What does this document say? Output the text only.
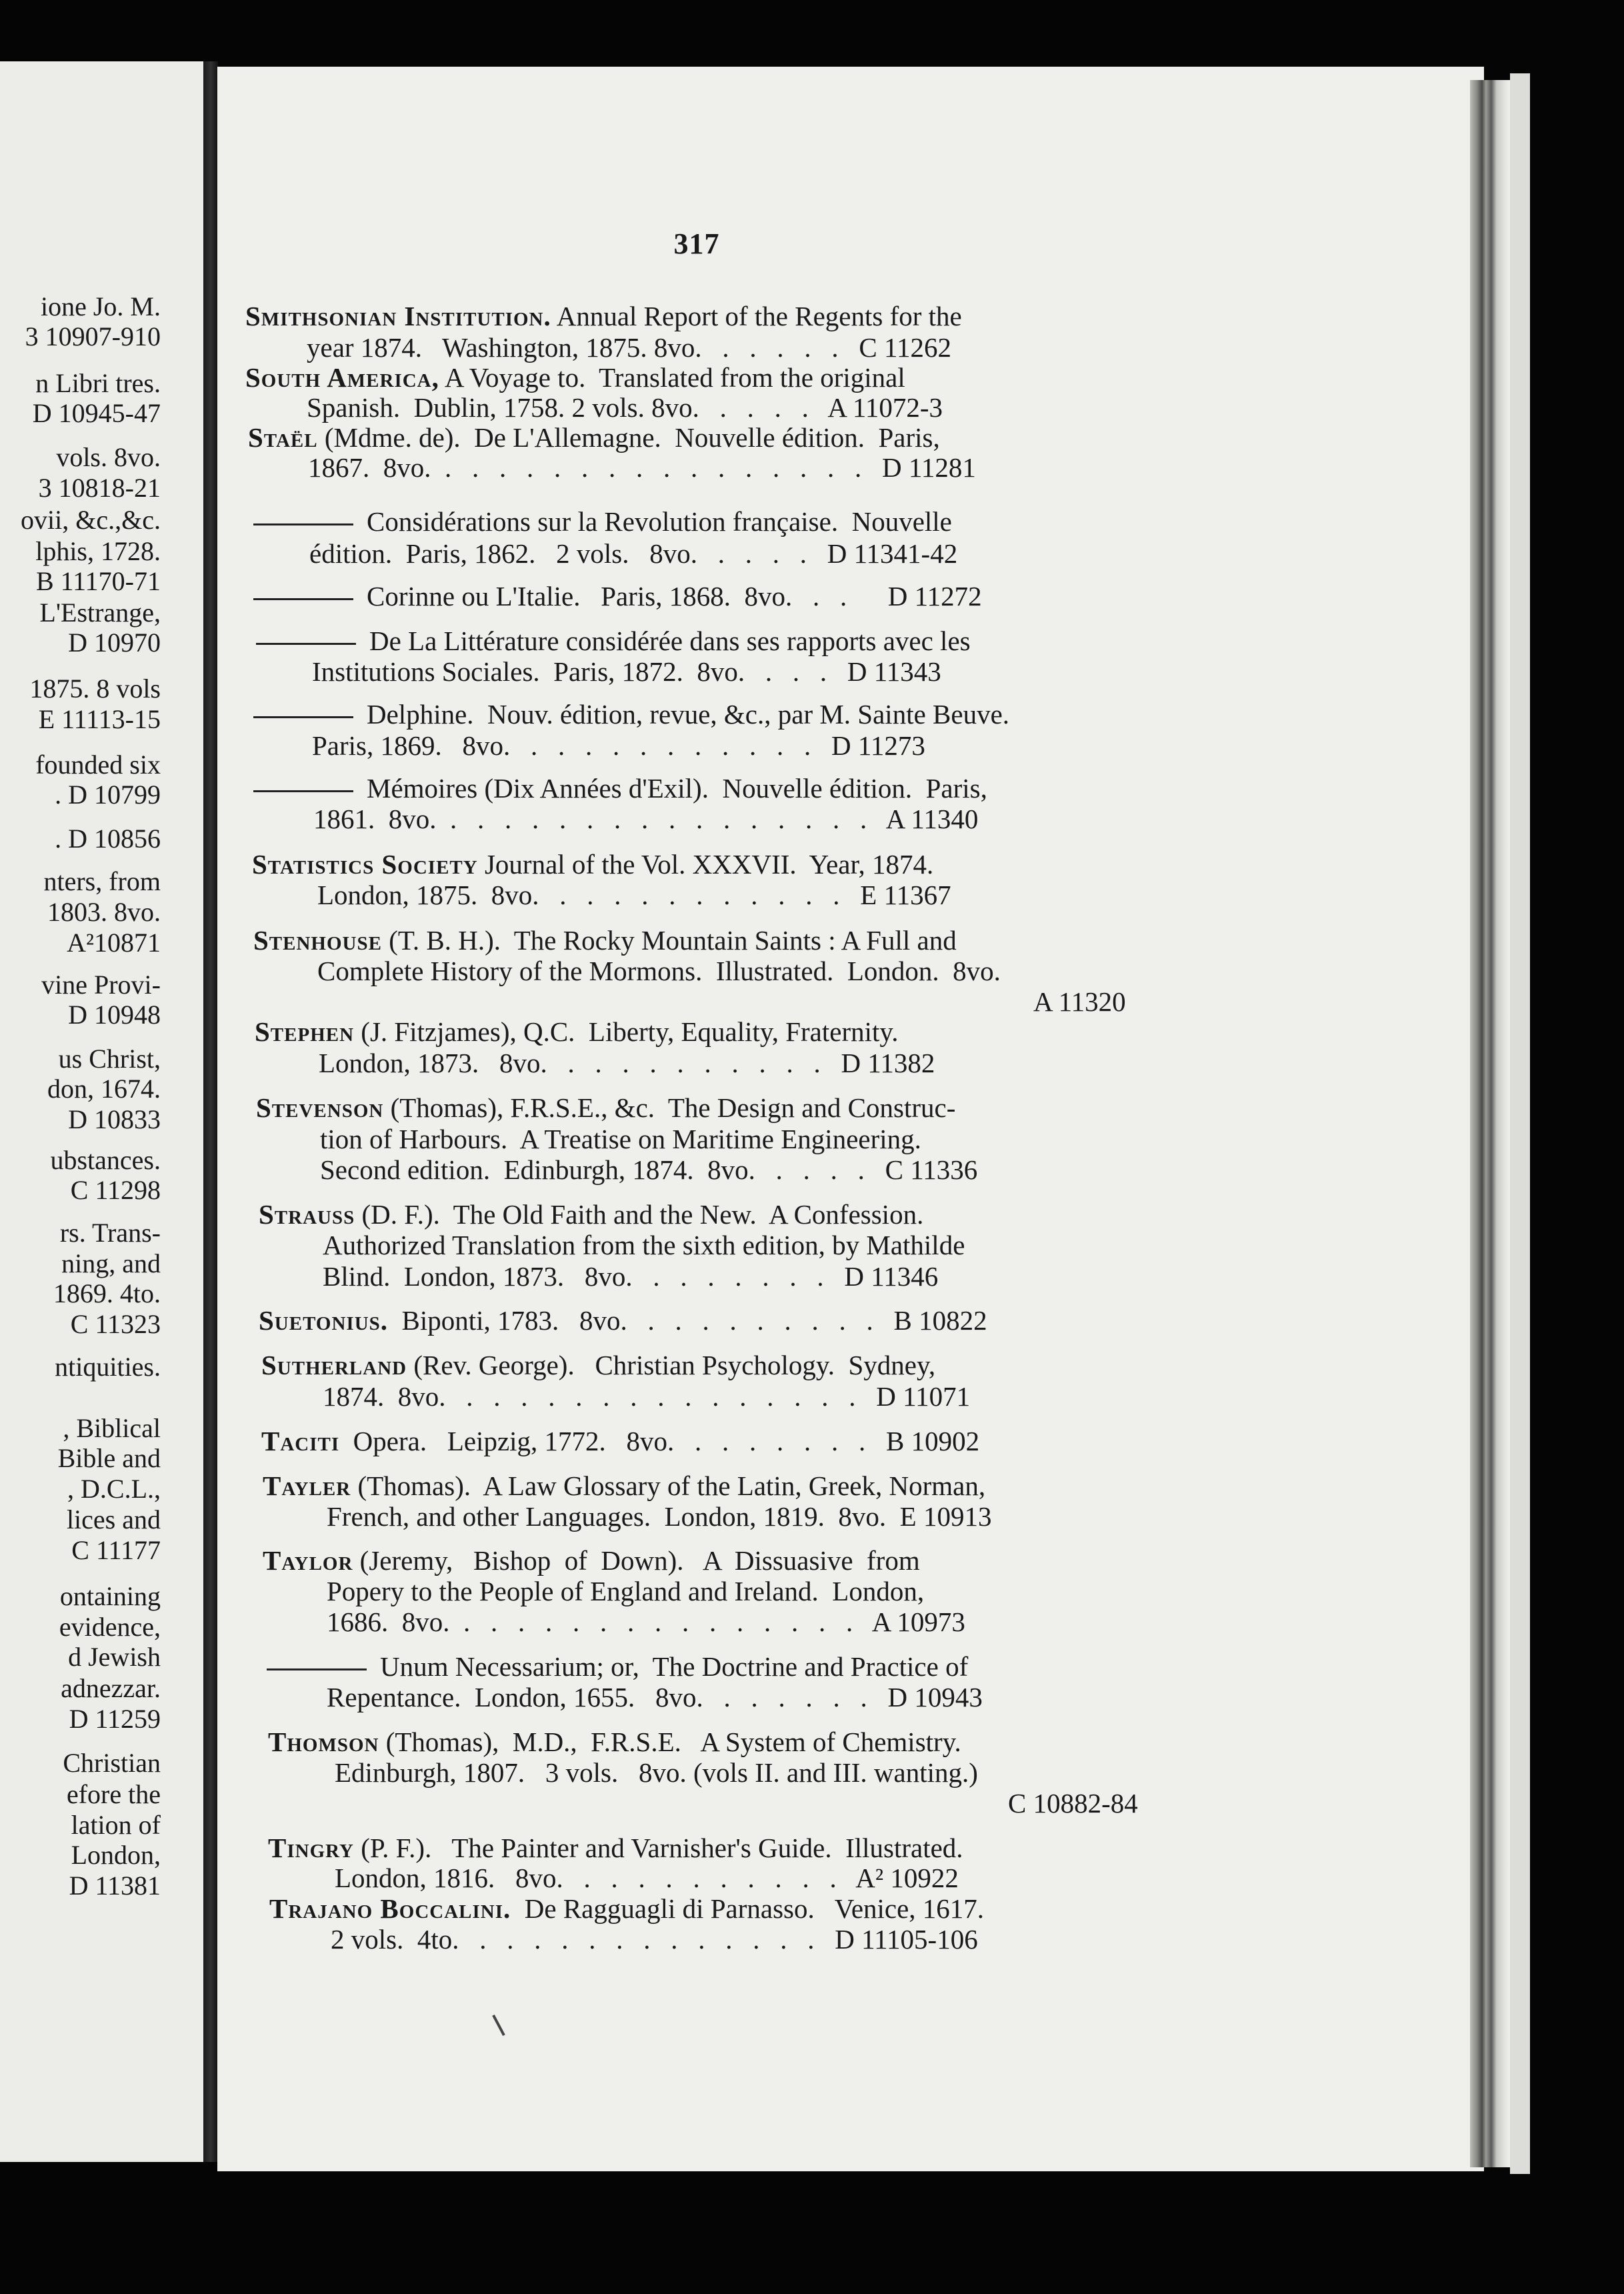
ione Jo. M.
3 10907-910
n Libri tres.
D 10945-47
vols. 8vo.
3 10818-21
ovii, &c.,&c.
lphis, 1728.
B 11170-71
L'Estrange,
D 10970
1875. 8 vols
E 11113-15
founded six
. D 10799
. D 10856
nters, from
1803. 8vo.
A²10871
vine Provi-
D 10948
us Christ,
don, 1674.
D 10833
ubstances.
C 11298
rs. Trans-
ning, and
1869. 4to.
C 11323
ntiquities.
, Biblical
Bible and
, D.C.L.,
lices and
C 11177
ontaining
evidence,
d Jewish
adnezzar.
D 11259
Christian
efore the
lation of
London,
D 11381
317
Smithsonian Institution. Annual Report of the Regents for the
year 1874.   Washington, 1875. 8vo.   .   .   .   .   .   C 11262
South America, A Voyage to.  Translated from the original
Spanish.  Dublin, 1758. 2 vols. 8vo.   .   .   .   .   A 11072-3
Staël (Mdme. de).  De L'Allemagne.  Nouvelle édition.  Paris,
1867.  8vo.  .   .   .   .   .   .   .   .   .   .   .   .   .   .   .   .   D 11281
Considérations sur la Revolution française.  Nouvelle
édition.  Paris, 1862.   2 vols.   8vo.   .   .   .   .   D 11341-42
Corinne ou L'Italie.   Paris, 1868.  8vo.   .   .      D 11272
De La Littérature considérée dans ses rapports avec les
Institutions Sociales.  Paris, 1872.  8vo.   .   .   .   D 11343
Delphine.  Nouv. édition, revue, &c., par M. Sainte Beuve.
Paris, 1869.   8vo.   .   .   .   .   .   .   .   .   .   .   .   D 11273
Mémoires (Dix Années d'Exil).  Nouvelle édition.  Paris,
1861.  8vo.  .   .   .   .   .   .   .   .   .   .   .   .   .   .   .   .   A 11340
Statistics Society Journal of the Vol. XXXVII.  Year, 1874.
London, 1875.  8vo.   .   .   .   .   .   .   .   .   .   .   .   E 11367
Stenhouse (T. B. H.).  The Rocky Mountain Saints : A Full and
Complete History of the Mormons.  Illustrated.  London.  8vo.
A 11320
Stephen (J. Fitzjames), Q.C.  Liberty, Equality, Fraternity.
London, 1873.   8vo.   .   .   .   .   .   .   .   .   .   .   D 11382
Stevenson (Thomas), F.R.S.E., &c.  The Design and Construc-
tion of Harbours.  A Treatise on Maritime Engineering.
Second edition.  Edinburgh, 1874.  8vo.   .   .   .   .   C 11336
Strauss (D. F.).  The Old Faith and the New.  A Confession.
Authorized Translation from the sixth edition, by Mathilde
Blind.  London, 1873.   8vo.   .   .   .   .   .   .   .   D 11346
Suetonius.  Biponti, 1783.   8vo.   .   .   .   .   .   .   .   .   .   B 10822
Sutherland (Rev. George).   Christian Psychology.  Sydney,
1874.  8vo.   .   .   .   .   .   .   .   .   .   .   .   .   .   .   .   D 11071
Taciti  Opera.   Leipzig, 1772.   8vo.   .   .   .   .   .   .   .   B 10902
Tayler (Thomas).  A Law Glossary of the Latin, Greek, Norman,
French, and other Languages.  London, 1819.  8vo.  E 10913
Taylor (Jeremy,   Bishop  of  Down).   A  Dissuasive  from
Popery to the People of England and Ireland.  London,
1686.  8vo.  .   .   .   .   .   .   .   .   .   .   .   .   .   .   .   A 10973
Unum Necessarium; or,  The Doctrine and Practice of
Repentance.  London, 1655.   8vo.   .   .   .   .   .   .   D 10943
Thomson (Thomas),  M.D.,  F.R.S.E.   A System of Chemistry.
Edinburgh, 1807.   3 vols.   8vo. (vols II. and III. wanting.)
C 10882-84
Tingry (P. F.).   The Painter and Varnisher's Guide.  Illustrated.
London, 1816.   8vo.   .   .   .   .   .   .   .   .   .   .   A² 10922
Trajano Boccalini.  De Ragguagli di Parnasso.   Venice, 1617.
2 vols.  4to.   .   .   .   .   .   .   .   .   .   .   .   .   .   D 11105-106
